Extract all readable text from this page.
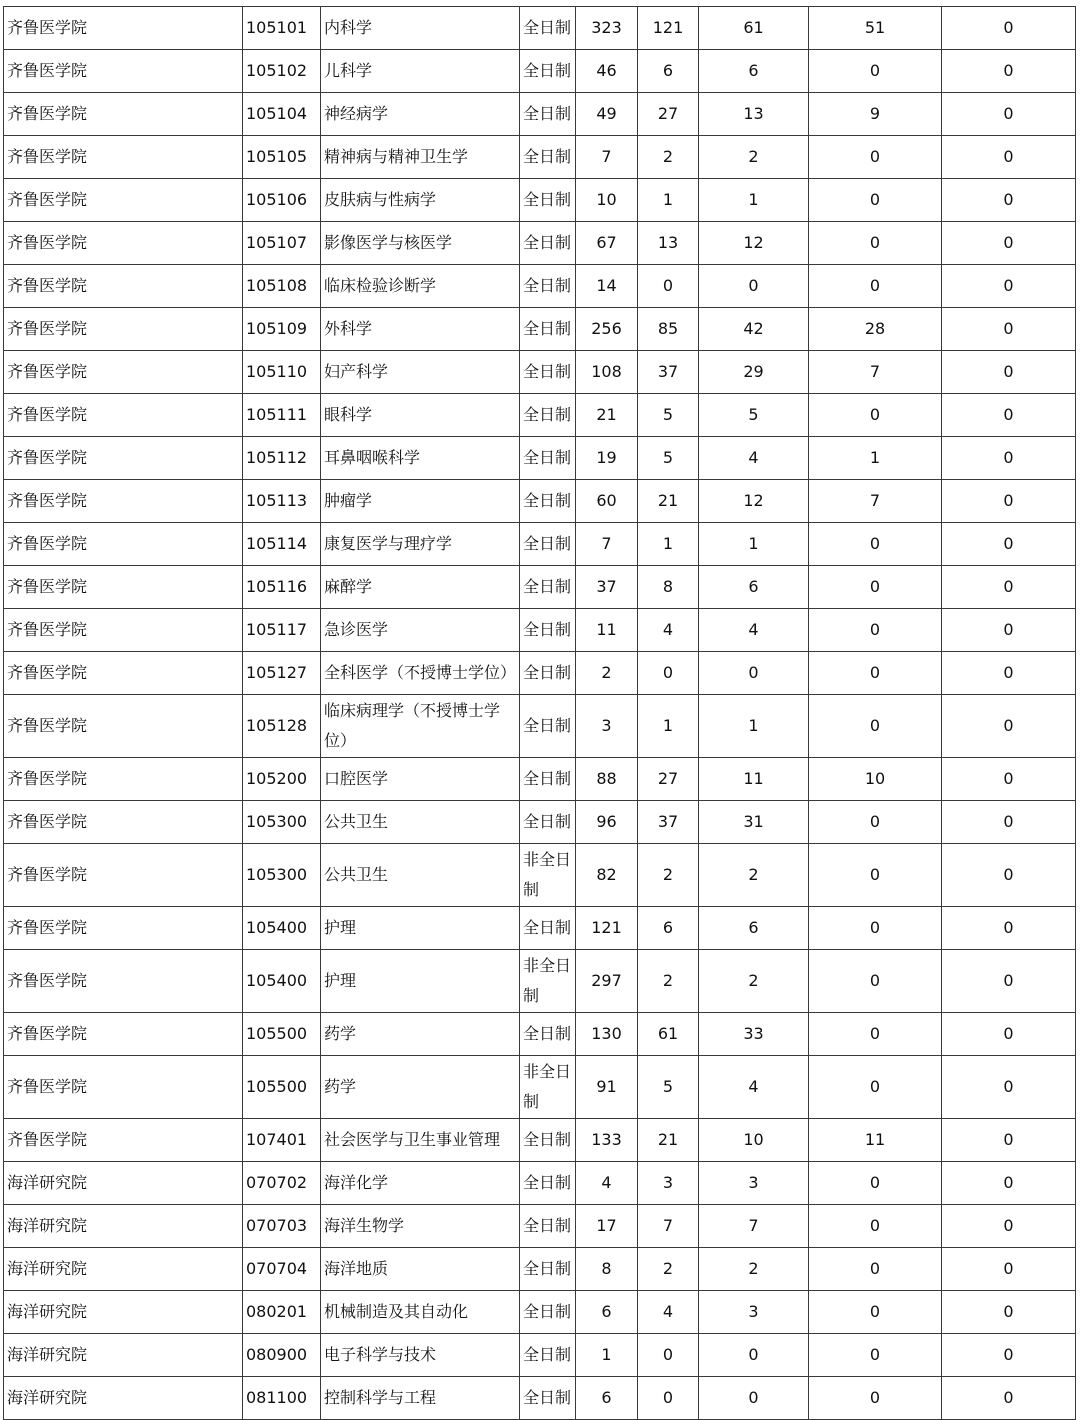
齐鲁医学院	105101	内科学	全日制	323	121	61	51	0
齐鲁医学院	105102	儿科学	全日制	46	6	6	0	0
齐鲁医学院	105104	神经病学	全日制	49	27	13	9	0
齐鲁医学院	105105	精神病与精神卫生学	全日制	7	2	2	0	0
齐鲁医学院	105106	皮肤病与性病学	全日制	10	1	1	0	0
齐鲁医学院	105107	影像医学与核医学	全日制	67	13	12	0	0
齐鲁医学院	105108	临床检验诊断学	全日制	14	0	0	0	0
齐鲁医学院	105109	外科学	全日制	256	85	42	28	0
齐鲁医学院	105110	妇产科学	全日制	108	37	29	7	0
齐鲁医学院	105111	眼科学	全日制	21	5	5	0	0
齐鲁医学院	105112	耳鼻咽喉科学	全日制	19	5	4	1	0
齐鲁医学院	105113	肿瘤学	全日制	60	21	12	7	0
齐鲁医学院	105114	康复医学与理疗学	全日制	7	1	1	0	0
齐鲁医学院	105116	麻醉学	全日制	37	8	6	0	0
齐鲁医学院	105117	急诊医学	全日制	11	4	4	0	0
齐鲁医学院	105127	全科医学（不授博士学位）	全日制	2	0	0	0	0
齐鲁医学院	105128	临床病理学（不授博士学位）	全日制	3	1	1	0	0
齐鲁医学院	105200	口腔医学	全日制	88	27	11	10	0
齐鲁医学院	105300	公共卫生	全日制	96	37	31	0	0
齐鲁医学院	105300	公共卫生	非全日制	82	2	2	0	0
齐鲁医学院	105400	护理	全日制	121	6	6	0	0
齐鲁医学院	105400	护理	非全日制	297	2	2	0	0
齐鲁医学院	105500	药学	全日制	130	61	33	0	0
齐鲁医学院	105500	药学	非全日制	91	5	4	0	0
齐鲁医学院	107401	社会医学与卫生事业管理	全日制	133	21	10	11	0
海洋研究院	070702	海洋化学	全日制	4	3	3	0	0
海洋研究院	070703	海洋生物学	全日制	17	7	7	0	0
海洋研究院	070704	海洋地质	全日制	8	2	2	0	0
海洋研究院	080201	机械制造及其自动化	全日制	6	4	3	0	0
海洋研究院	080900	电子科学与技术	全日制	1	0	0	0	0
海洋研究院	081100	控制科学与工程	全日制	6	0	0	0	0
